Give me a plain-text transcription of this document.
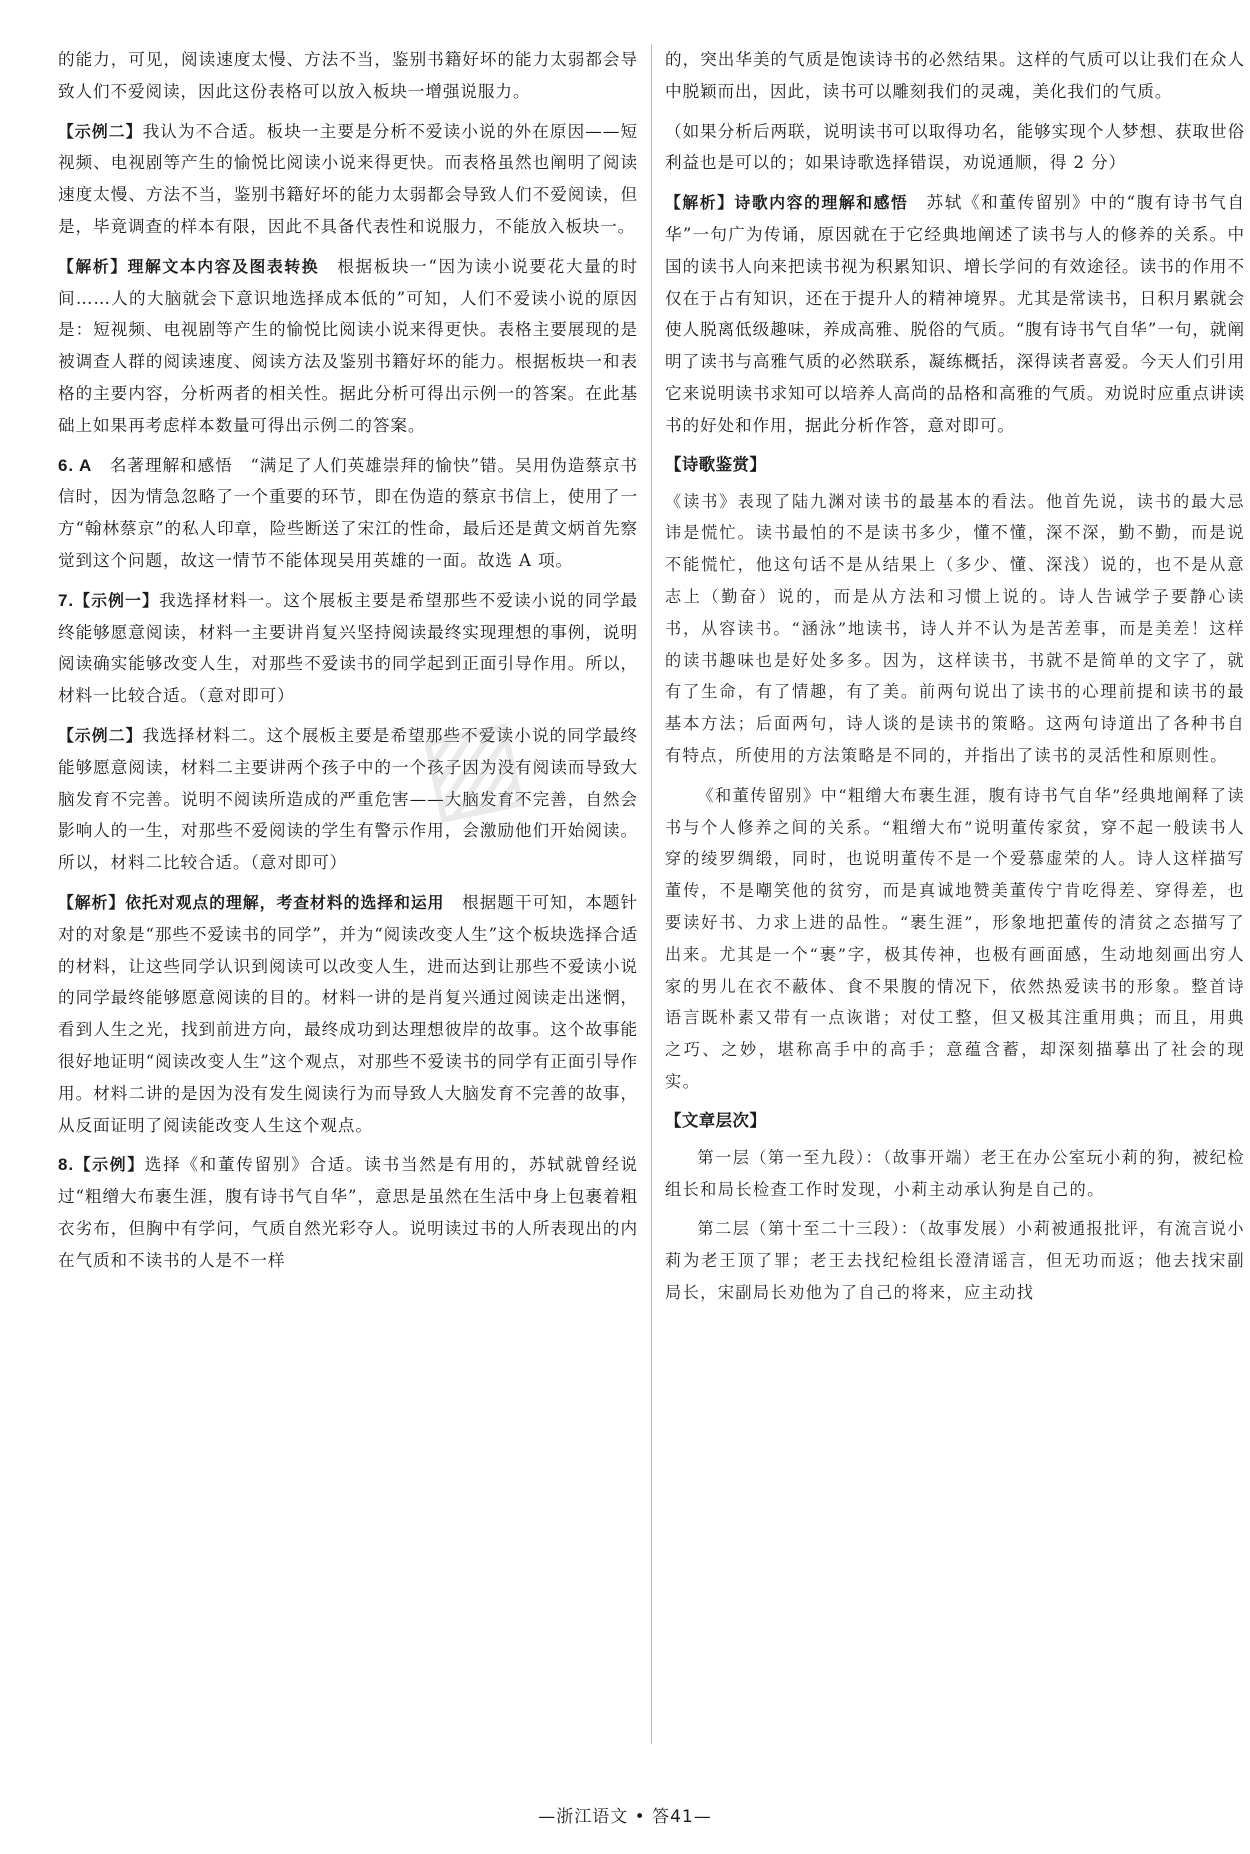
的能力，可见，阅读速度太慢、方法不当，鉴别书籍好坏的能力太弱都会导致人们不爱阅读，因此这份表格可以放入板块一增强说服力。

【示例二】我认为不合适。板块一主要是分析不爱读小说的外在原因——短视频、电视剧等产生的愉悦比阅读小说来得更快。而表格虽然也阐明了阅读速度太慢、方法不当，鉴别书籍好坏的能力太弱都会导致人们不爱阅读，但是，毕竟调查的样本有限，因此不具备代表性和说服力，不能放入板块一。

【解析】理解文本内容及图表转换　根据板块一“因为读小说要花大量的时间……人的大脑就会下意识地选择成本低的”可知，人们不爱读小说的原因是：短视频、电视剧等产生的愉悦比阅读小说来得更快。表格主要展现的是被调查人群的阅读速度、阅读方法及鉴别书籍好坏的能力。根据板块一和表格的主要内容，分析两者的相关性。据此分析可得出示例一的答案。在此基础上如果再考虑样本数量可得出示例二的答案。

6. A　名著理解和感悟　“满足了人们英雄崇拜的愉快”错。吴用伪造蔡京书信时，因为情急忽略了一个重要的环节，即在伪造的蔡京书信上，使用了一方“翰林蔡京”的私人印章，险些断送了宋江的性命，最后还是黄文炳首先察觉到这个问题，故这一情节不能体现吴用英雄的一面。故选 A 项。

7.【示例一】我选择材料一。这个展板主要是希望那些不爱读小说的同学最终能够愿意阅读，材料一主要讲肖复兴坚持阅读最终实现理想的事例，说明阅读确实能够改变人生，对那些不爱读书的同学起到正面引导作用。所以，材料一比较合适。（意对即可）

【示例二】我选择材料二。这个展板主要是希望那些不爱读小说的同学最终能够愿意阅读，材料二主要讲两个孩子中的一个孩子因为没有阅读而导致大脑发育不完善。说明不阅读所造成的严重危害——大脑发育不完善，自然会影响人的一生，对那些不爱阅读的学生有警示作用，会激励他们开始阅读。所以，材料二比较合适。（意对即可）

【解析】依托对观点的理解，考查材料的选择和运用　根据题干可知，本题针对的对象是“那些不爱读书的同学”，并为“阅读改变人生”这个板块选择合适的材料，让这些同学认识到阅读可以改变人生，进而达到让那些不爱读小说的同学最终能够愿意阅读的目的。材料一讲的是肖复兴通过阅读走出迷惘，看到人生之光，找到前进方向，最终成功到达理想彼岸的故事。这个故事能很好地证明“阅读改变人生”这个观点，对那些不爱读书的同学有正面引导作用。材料二讲的是因为没有发生阅读行为而导致人大脑发育不完善的故事，从反面证明了阅读能改变人生这个观点。

8.【示例】选择《和董传留别》合适。读书当然是有用的，苏轼就曾经说过“粗缯大布裹生涯，腹有诗书气自华”，意思是虽然在生活中身上包裹着粗衣劣布，但胸中有学问，气质自然光彩夺人。说明读过书的人所表现出的内在气质和不读书的人是不一样

的，突出华美的气质是饱读诗书的必然结果。这样的气质可以让我们在众人中脱颖而出，因此，读书可以雕刻我们的灵魂，美化我们的气质。

（如果分析后两联，说明读书可以取得功名，能够实现个人梦想、获取世俗利益也是可以的；如果诗歌选择错误，劝说通顺，得 2 分）

【解析】诗歌内容的理解和感悟　苏轼《和董传留别》中的“腹有诗书气自华”一句广为传诵，原因就在于它经典地阐述了读书与人的修养的关系。中国的读书人向来把读书视为积累知识、增长学问的有效途径。读书的作用不仅在于占有知识，还在于提升人的精神境界。尤其是常读书，日积月累就会使人脱离低级趣味，养成高雅、脱俗的气质。“腹有诗书气自华”一句，就阐明了读书与高雅气质的必然联系，凝练概括，深得读者喜爱。今天人们引用它来说明读书求知可以培养人高尚的品格和高雅的气质。劝说时应重点讲读书的好处和作用，据此分析作答，意对即可。

【诗歌鉴赏】

《读书》表现了陆九渊对读书的最基本的看法。他首先说，读书的最大忌讳是慌忙。读书最怕的不是读书多少，懂不懂，深不深，勤不勤，而是说不能慌忙，他这句话不是从结果上（多少、懂、深浅）说的，也不是从意志上（勤奋）说的，而是从方法和习惯上说的。诗人告诫学子要静心读书，从容读书。“涵泳”地读书，诗人并不认为是苦差事，而是美差！这样的读书趣味也是好处多多。因为，这样读书，书就不是简单的文字了，就有了生命，有了情趣，有了美。前两句说出了读书的心理前提和读书的最基本方法；后面两句，诗人谈的是读书的策略。这两句诗道出了各种书自有特点，所使用的方法策略是不同的，并指出了读书的灵活性和原则性。

《和董传留别》中“粗缯大布裹生涯，腹有诗书气自华”经典地阐释了读书与个人修养之间的关系。“粗缯大布”说明董传家贫，穿不起一般读书人穿的绫罗绸缎，同时，也说明董传不是一个爱慕虚荣的人。诗人这样描写董传，不是嘲笑他的贫穷，而是真诚地赞美董传宁肯吃得差、穿得差，也要读好书、力求上进的品性。“裹生涯”，形象地把董传的清贫之态描写了出来。尤其是一个“裹”字，极其传神，也极有画面感，生动地刻画出穷人家的男儿在衣不蔽体、食不果腹的情况下，依然热爱读书的形象。整首诗语言既朴素又带有一点诙谐；对仗工整，但又极其注重用典；而且，用典之巧、之妙，堪称高手中的高手；意蕴含蓄，却深刻描摹出了社会的现实。

【文章层次】

第一层（第一至九段）：（故事开端）老王在办公室玩小莉的狗，被纪检组长和局长检查工作时发现，小莉主动承认狗是自己的。

第二层（第十至二十三段）：（故事发展）小莉被通报批评，有流言说小莉为老王顶了罪；老王去找纪检组长澄清谣言，但无功而返；他去找宋副局长，宋副局长劝他为了自己的将来，应主动找

▨
—浙江语文 • 答41—
